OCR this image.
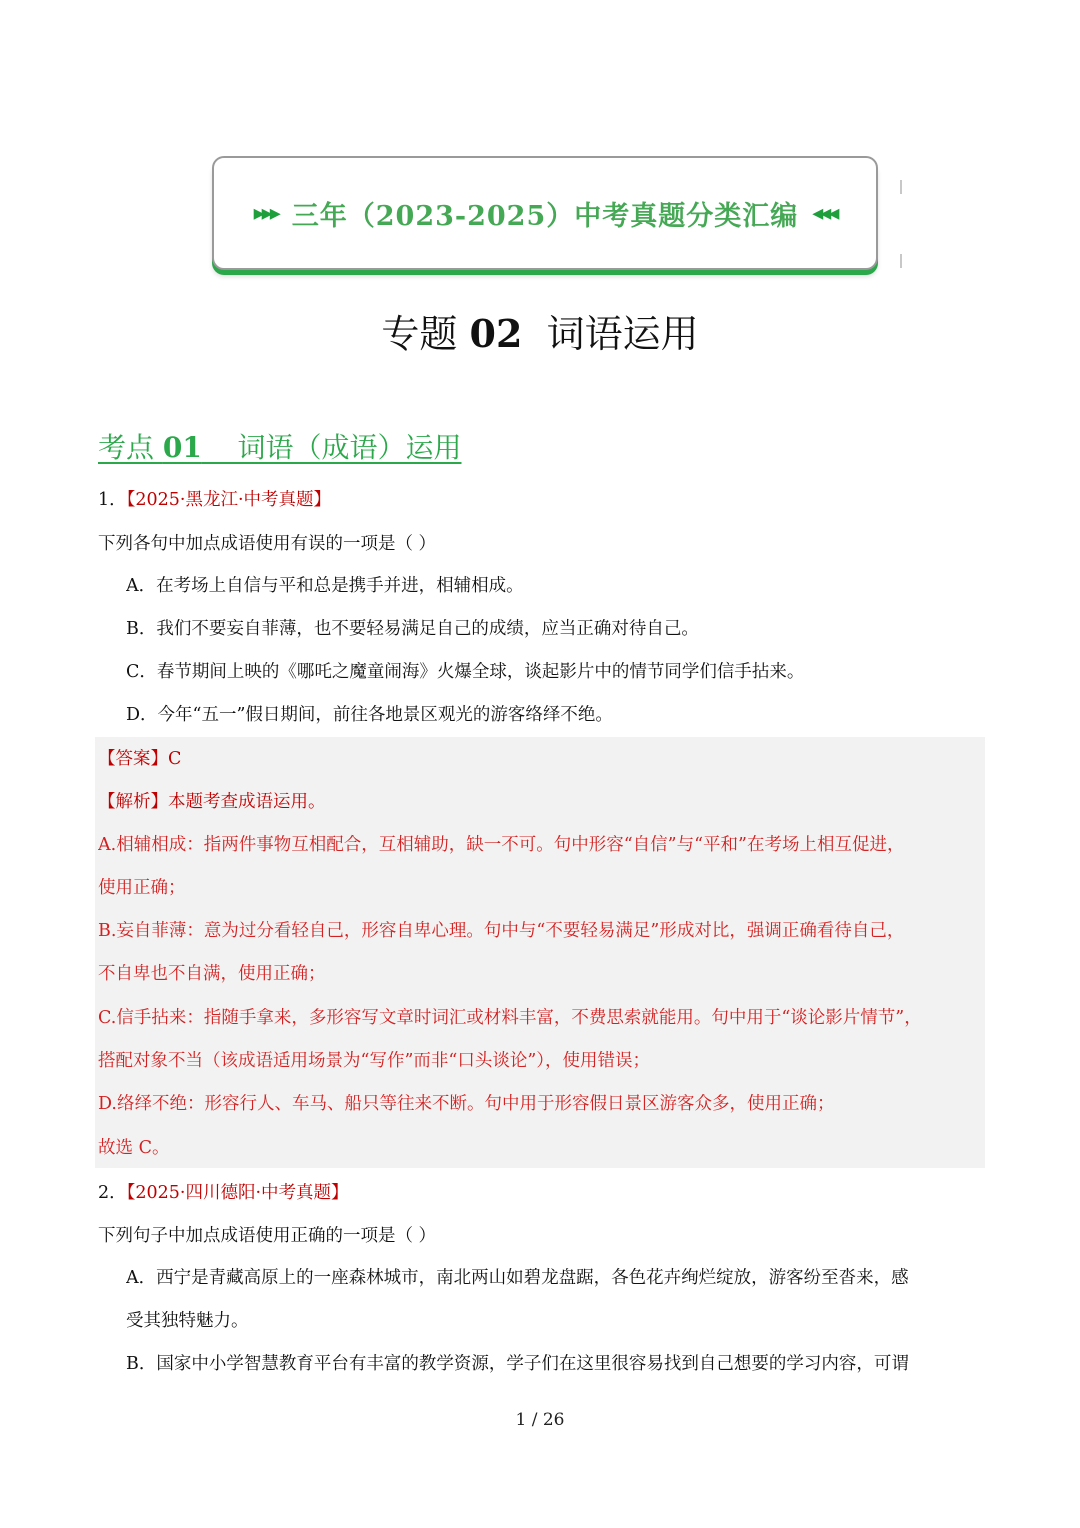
▸▸▸ 三年（2023-2025）中考真题分类汇编 ◂◂◂
专题 02  词语运用
考点 01    词语（成语）运用
1．【2025·黑龙江·中考真题】
下列各句中加点成语使用有误的一项是（ ）
A．在考场上自信与平和总是携手并进，相辅相成。
B．我们不要妄自菲薄，也不要轻易满足自己的成绩，应当正确对待自己。
C．春节期间上映的《哪吒之魔童闹海》火爆全球，谈起影片中的情节同学们信手拈来。
D．今年“五一”假日期间，前往各地景区观光的游客络绎不绝。
【答案】C
【解析】本题考查成语运用。
A.相辅相成：指两件事物互相配合，互相辅助，缺一不可。句中形容“自信”与“平和”在考场上相互促进，
使用正确；
B.妄自菲薄：意为过分看轻自己，形容自卑心理。句中与“不要轻易满足”形成对比，强调正确看待自己，
不自卑也不自满，使用正确；
C.信手拈来：指随手拿来，多形容写文章时词汇或材料丰富，不费思索就能用。句中用于“谈论影片情节”，
搭配对象不当（该成语适用场景为“写作”而非“口头谈论”），使用错误；
D.络绎不绝：形容行人、车马、船只等往来不断。句中用于形容假日景区游客众多，使用正确；
故选 C。
2．【2025·四川德阳·中考真题】
下列句子中加点成语使用正确的一项是（ ）
A．西宁是青藏高原上的一座森林城市，南北两山如碧龙盘踞，各色花卉绚烂绽放，游客纷至沓来，感
受其独特魅力。
B．国家中小学智慧教育平台有丰富的教学资源，学子们在这里很容易找到自己想要的学习内容，可谓
1 / 26
